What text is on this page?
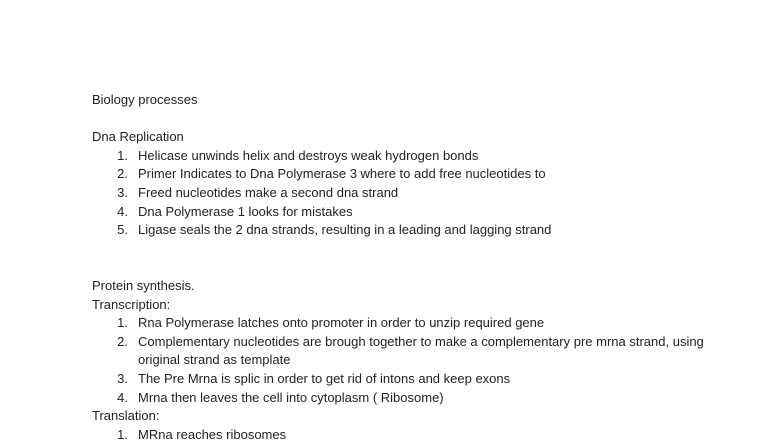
Biology processes
Dna Replication
1. Helicase unwinds helix and destroys weak hydrogen bonds
2. Primer Indicates to Dna Polymerase 3 where to add free nucleotides to
3. Freed nucleotides make a second dna strand
4. Dna Polymerase 1 looks for mistakes
5. Ligase seals the 2 dna strands, resulting in a leading and lagging strand
Protein synthesis.
Transcription:
1. Rna Polymerase latches onto promoter in order to unzip required gene
2. Complementary nucleotides are brough together to make a complementary pre mrna strand, using original strand as template
3. The Pre Mrna is splic in order to get rid of intons and keep exons
4. Mrna then leaves the cell into cytoplasm ( Ribosome)
Translation:
1. MRna reaches ribosomes
